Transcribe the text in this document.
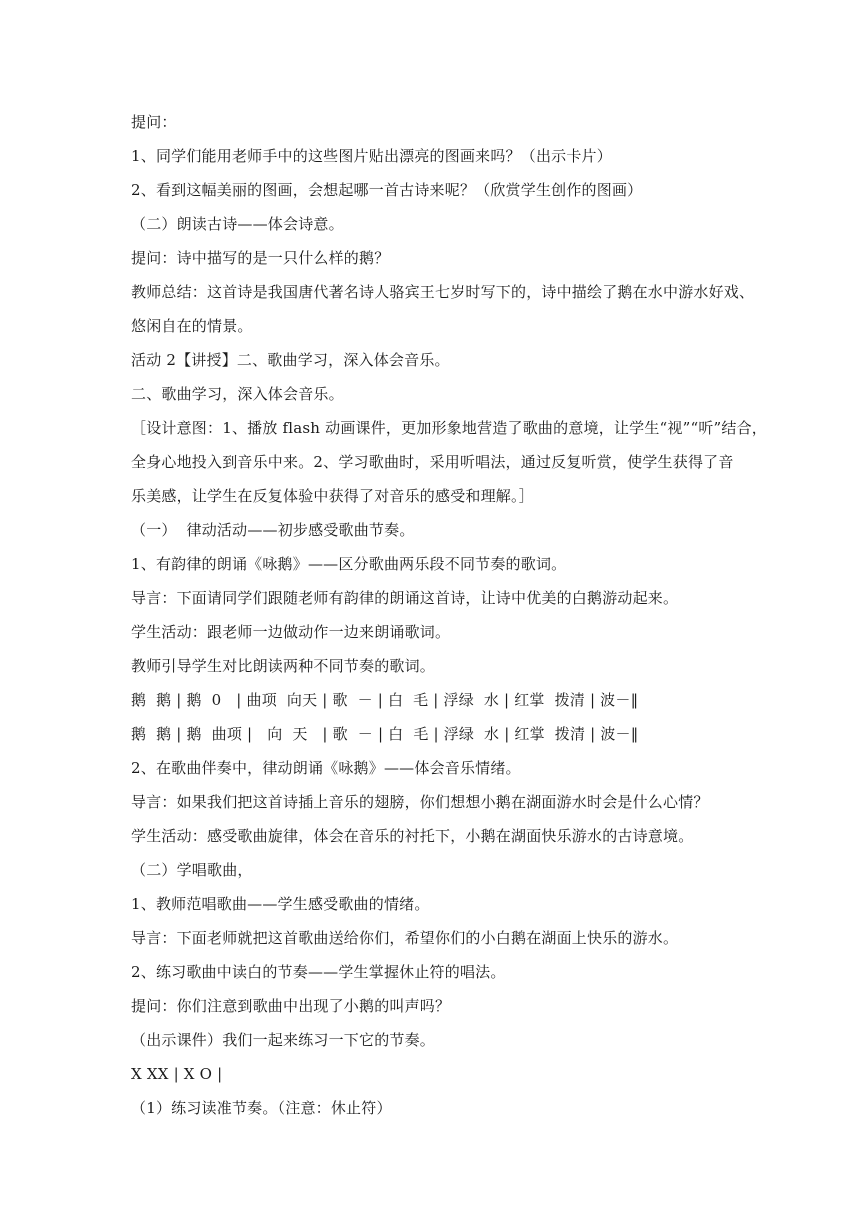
提问：

1、同学们能用老师手中的这些图片贴出漂亮的图画来吗？（出示卡片）

2、看到这幅美丽的图画，会想起哪一首古诗来呢？（欣赏学生创作的图画）

（二）朗读古诗——体会诗意。

提问：诗中描写的是一只什么样的鹅？

教师总结：这首诗是我国唐代著名诗人骆宾王七岁时写下的，诗中描绘了鹅在水中游水好戏、

悠闲自在的情景。

活动 2【讲授】二、歌曲学习，深入体会音乐。

二、歌曲学习，深入体会音乐。

［设计意图：1、播放 flash 动画课件，更加形象地营造了歌曲的意境，让学生“视”“听”结合，

全身心地投入到音乐中来。2、学习歌曲时，采用听唱法，通过反复听赏，使学生获得了音

乐美感，让学生在反复体验中获得了对音乐的感受和理解。］

（一）  律动活动——初步感受歌曲节奏。

1、有韵律的朗诵《咏鹅》——区分歌曲两乐段不同节奏的歌词。

导言：下面请同学们跟随老师有韵律的朗诵这首诗，让诗中优美的白鹅游动起来。

学生活动：跟老师一边做动作一边来朗诵歌词。

教师引导学生对比朗读两种不同节奏的歌词。

鹅  鹅 | 鹅  0   | 曲项  向天 | 歌  － | 白  毛 | 浮绿  水 | 红掌  拨清 | 波－‖

鹅  鹅 | 鹅  曲项 |   向  天   | 歌  － | 白  毛 | 浮绿  水 | 红掌  拨清 | 波－‖

2、在歌曲伴奏中，律动朗诵《咏鹅》——体会音乐情绪。

导言：如果我们把这首诗插上音乐的翅膀，你们想想小鹅在湖面游水时会是什么心情？

学生活动：感受歌曲旋律，体会在音乐的衬托下，小鹅在湖面快乐游水的古诗意境。

（二）学唱歌曲，

1、教师范唱歌曲——学生感受歌曲的情绪。

导言：下面老师就把这首歌曲送给你们，希望你们的小白鹅在湖面上快乐的游水。

2、练习歌曲中读白的节奏——学生掌握休止符的唱法。

提问：你们注意到歌曲中出现了小鹅的叫声吗？

（出示课件）我们一起来练习一下它的节奏。

X XX | X O |

（1）练习读准节奏。（注意：休止符）
